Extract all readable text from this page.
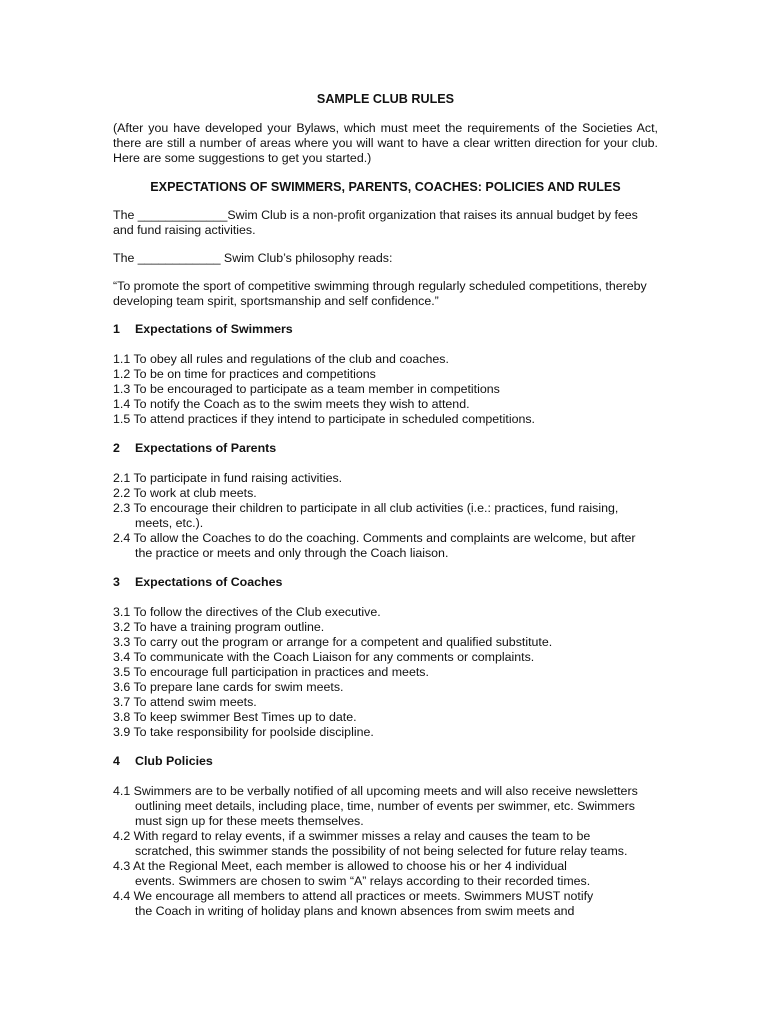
SAMPLE CLUB RULES
(After you have developed your Bylaws, which must meet the requirements of the Societies Act, there are still a number of areas where you will want to have a clear written direction for your club. Here are some suggestions to get you started.)
EXPECTATIONS OF SWIMMERS, PARENTS, COACHES: POLICIES AND RULES
The _____________Swim Club is a non-profit organization that raises its annual budget by fees and fund raising activities.
The ____________ Swim Club’s philosophy reads:
“To promote the sport of competitive swimming through regularly scheduled competitions, thereby developing team spirit, sportsmanship and self confidence.”
1	Expectations of Swimmers
1.1 To obey all rules and regulations of the club and coaches.
1.2 To be on time for practices and competitions
1.3 To be encouraged to participate as a team member in competitions
1.4 To notify the Coach as to the swim meets they wish to attend.
1.5 To attend practices if they intend to participate in scheduled competitions.
2	Expectations of Parents
2.1 To participate in fund raising activities.
2.2 To work at club meets.
2.3 To encourage their children to participate in all club activities (i.e.: practices, fund raising,
meets, etc.).
2.4 To allow the Coaches to do the coaching. Comments and complaints are welcome, but after
the practice or meets and only through the Coach liaison.
3	Expectations of Coaches
3.1 To follow the directives of the Club executive.
3.2 To have a training program outline.
3.3 To carry out the program or arrange for a competent and qualified substitute.
3.4 To communicate with the Coach Liaison for any comments or complaints.
3.5 To encourage full participation in practices and meets.
3.6 To prepare lane cards for swim meets.
3.7 To attend swim meets.
3.8 To keep swimmer Best Times up to date.
3.9 To take responsibility for poolside discipline.
4	Club Policies
4.1 Swimmers are to be verbally notified of all upcoming meets and will also receive newsletters
outlining meet details, including place, time, number of events per swimmer, etc. Swimmers must sign up for these meets themselves.
4.2 With regard to relay events, if a swimmer misses a relay and causes the team to be
scratched, this swimmer stands the possibility of not being selected for future relay teams.
4.3 At the Regional Meet, each member is allowed to choose his or her 4 individual
events. Swimmers are chosen to swim “A” relays according to their recorded times.
4.4 We encourage all members to attend all practices or meets. Swimmers MUST notify
the Coach in writing of holiday plans and known absences from swim meets and
